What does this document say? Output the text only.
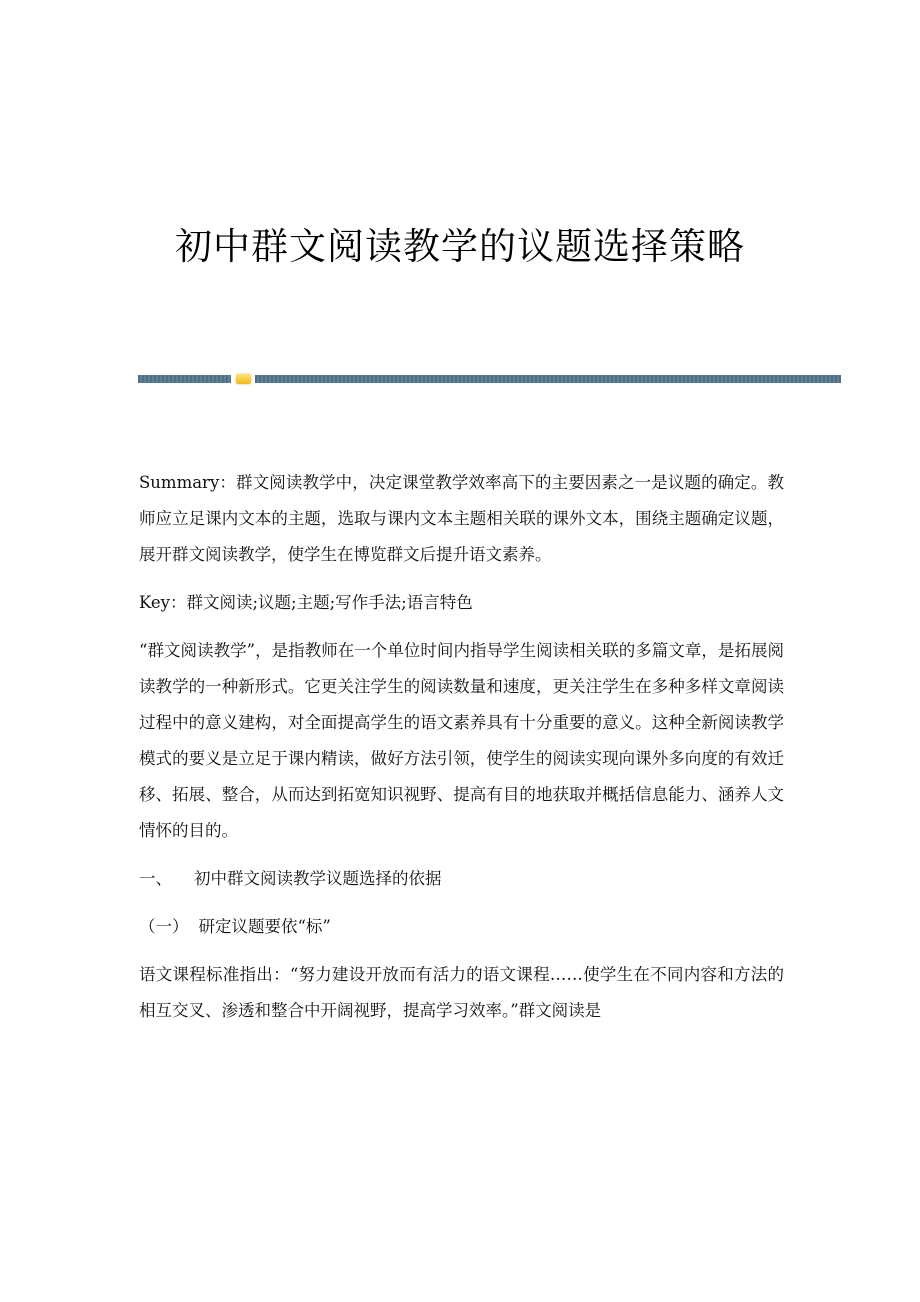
初中群文阅读教学的议题选择策略

Summary：群文阅读教学中，决定课堂教学效率高下的主要因素之一是议题的确定。教师应立足课内文本的主题，选取与课内文本主题相关联的课外文本，围绕主题确定议题，展开群文阅读教学，使学生在博览群文后提升语文素养。

Key：群文阅读;议题;主题;写作手法;语言特色

“群文阅读教学”，是指教师在一个单位时间内指导学生阅读相关联的多篇文章，是拓展阅读教学的一种新形式。它更关注学生的阅读数量和速度，更关注学生在多种多样文章阅读过程中的意义建构，对全面提高学生的语文素养具有十分重要的意义。这种全新阅读教学模式的要义是立足于课内精读，做好方法引领，使学生的阅读实现向课外多向度的有效迁移、拓展、整合，从而达到拓宽知识视野、提高有目的地获取并概括信息能力、涵养人文情怀的目的。

一、 初中群文阅读教学议题选择的依据

（一） 研定议题要依“标”

语文课程标准指出：“努力建设开放而有活力的语文课程……使学生在不同内容和方法的相互交叉、渗透和整合中开阔视野，提高学习效率。”群文阅读是
